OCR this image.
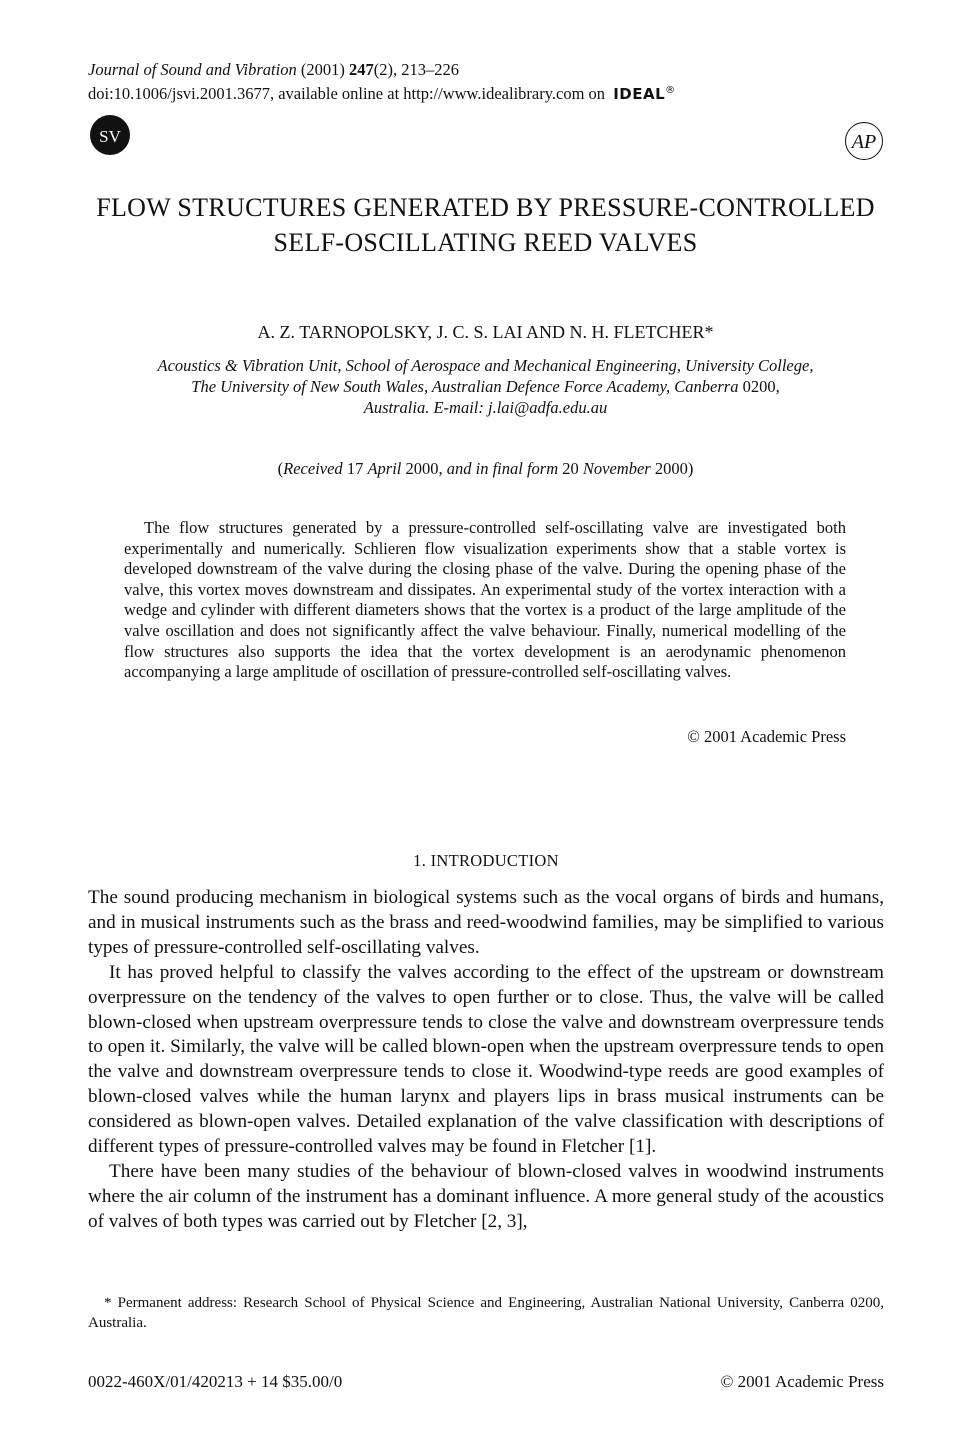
Journal of Sound and Vibration (2001) 247(2), 213–226
doi:10.1006/jsvi.2001.3677, available online at http://www.idealibrary.com on IDEAL®
SV	AP
FLOW STRUCTURES GENERATED BY PRESSURE-CONTROLLED SELF-OSCILLATING REED VALVES
A. Z. TARNOPOLSKY, J. C. S. LAI AND N. H. FLETCHER*
Acoustics & Vibration Unit, School of Aerospace and Mechanical Engineering, University College,
The University of New South Wales, Australian Defence Force Academy, Canberra 0200,
Australia. E-mail: j.lai@adfa.edu.au
(Received 17 April 2000, and in final form 20 November 2000)
The flow structures generated by a pressure-controlled self-oscillating valve are investigated both experimentally and numerically. Schlieren flow visualization experiments show that a stable vortex is developed downstream of the valve during the closing phase of the valve. During the opening phase of the valve, this vortex moves downstream and dissipates. An experimental study of the vortex interaction with a wedge and cylinder with different diameters shows that the vortex is a product of the large amplitude of the valve oscillation and does not significantly affect the valve behaviour. Finally, numerical modelling of the flow structures also supports the idea that the vortex development is an aerodynamic phenomenon accompanying a large amplitude of oscillation of pressure-controlled self-oscillating valves.
© 2001 Academic Press
1. INTRODUCTION

The sound producing mechanism in biological systems such as the vocal organs of birds and humans, and in musical instruments such as the brass and reed-woodwind families, may be simplified to various types of pressure-controlled self-oscillating valves.

It has proved helpful to classify the valves according to the effect of the upstream or downstream overpressure on the tendency of the valves to open further or to close. Thus, the valve will be called blown-closed when upstream overpressure tends to close the valve and downstream overpressure tends to open it. Similarly, the valve will be called blown-open when the upstream overpressure tends to open the valve and downstream overpressure tends to close it. Woodwind-type reeds are good examples of blown-closed valves while the human larynx and players lips in brass musical instruments can be considered as blown-open valves. Detailed explanation of the valve classification with descriptions of different types of pressure-controlled valves may be found in Fletcher [1].

There have been many studies of the behaviour of blown-closed valves in woodwind instruments where the air column of the instrument has a dominant influence. A more general study of the acoustics of valves of both types was carried out by Fletcher [2, 3],

* Permanent address: Research School of Physical Science and Engineering, Australian National University, Canberra 0200, Australia.
0022-460X/01/420213 + 14 $35.00/0	© 2001 Academic Press
